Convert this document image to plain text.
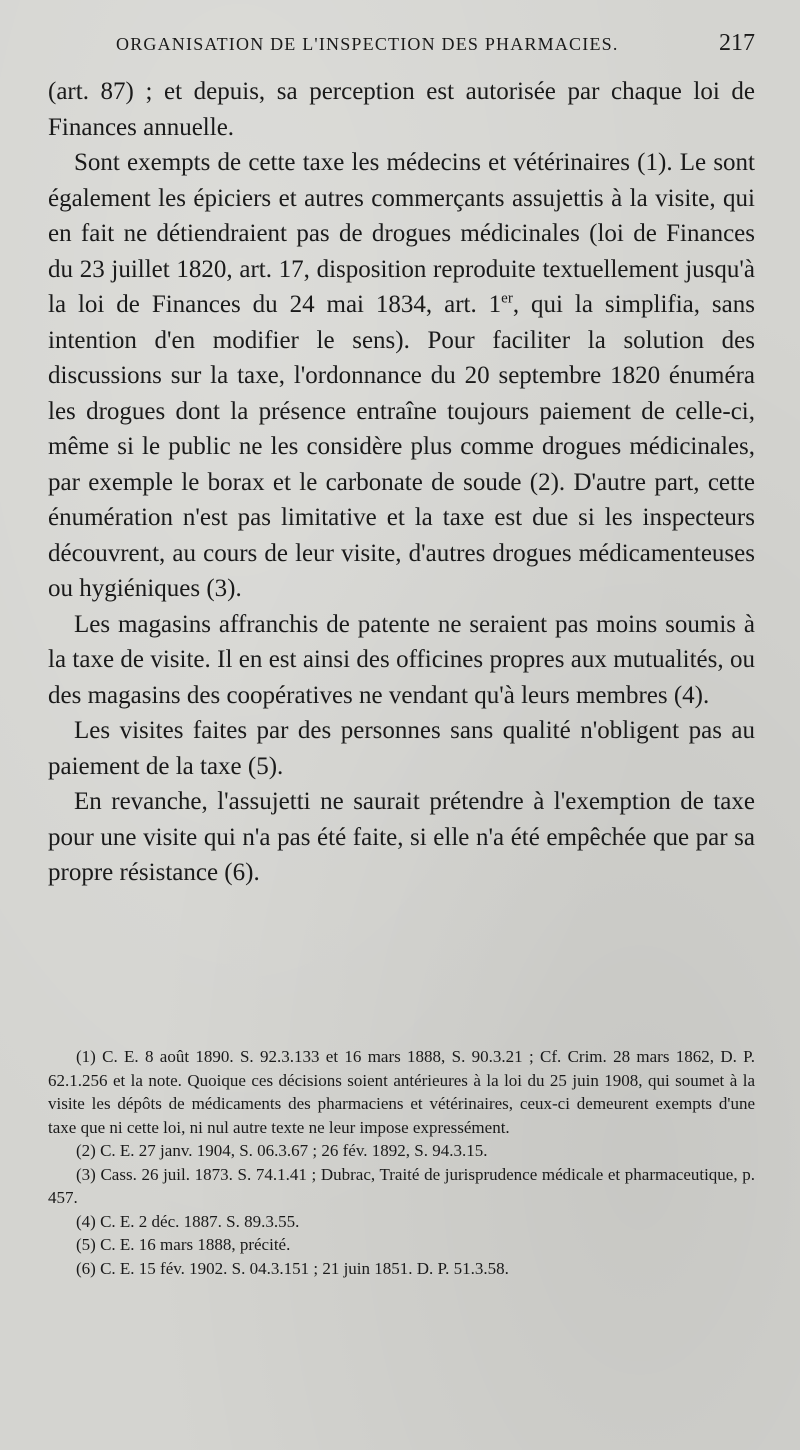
ORGANISATION DE L'INSPECTION DES PHARMACIES.	217

(art. 87) ; et depuis, sa perception est autorisée par chaque loi de Finances annuelle.

Sont exempts de cette taxe les médecins et vétérinaires (1). Le sont également les épiciers et autres commerçants assujettis à la visite, qui en fait ne détiendraient pas de drogues médicinales (loi de Finances du 23 juillet 1820, art. 17, disposition reproduite textuellement jusqu'à la loi de Finances du 24 mai 1834, art. 1er, qui la simplifia, sans intention d'en modifier le sens). Pour faciliter la solution des discussions sur la taxe, l'ordonnance du 20 septembre 1820 énuméra les drogues dont la présence entraîne toujours paiement de celle-ci, même si le public ne les considère plus comme drogues médicinales, par exemple le borax et le carbonate de soude (2). D'autre part, cette énumération n'est pas limitative et la taxe est due si les inspecteurs découvrent, au cours de leur visite, d'autres drogues médicamenteuses ou hygiéniques (3).

Les magasins affranchis de patente ne seraient pas moins soumis à la taxe de visite. Il en est ainsi des officines propres aux mutualités, ou des magasins des coopératives ne vendant qu'à leurs membres (4).

Les visites faites par des personnes sans qualité n'obligent pas au paiement de la taxe (5).

En revanche, l'assujetti ne saurait prétendre à l'exemption de taxe pour une visite qui n'a pas été faite, si elle n'a été empêchée que par sa propre résistance (6).

(1) C. E. 8 août 1890. S. 92.3.133 et 16 mars 1888, S. 90.3.21 ; Cf. Crim. 28 mars 1862, D. P. 62.1.256 et la note. Quoique ces décisions soient antérieures à la loi du 25 juin 1908, qui soumet à la visite les dépôts de médicaments des pharmaciens et vétérinaires, ceux-ci demeurent exempts d'une taxe que ni cette loi, ni nul autre texte ne leur impose expressément.

(2) C. E. 27 janv. 1904, S. 06.3.67 ; 26 fév. 1892, S. 94.3.15.

(3) Cass. 26 juil. 1873. S. 74.1.41 ; Dubrac, Traité de jurisprudence médicale et pharmaceutique, p. 457.

(4) C. E. 2 déc. 1887. S. 89.3.55.

(5) C. E. 16 mars 1888, précité.

(6) C. E. 15 fév. 1902. S. 04.3.151 ; 21 juin 1851. D. P. 51.3.58.
